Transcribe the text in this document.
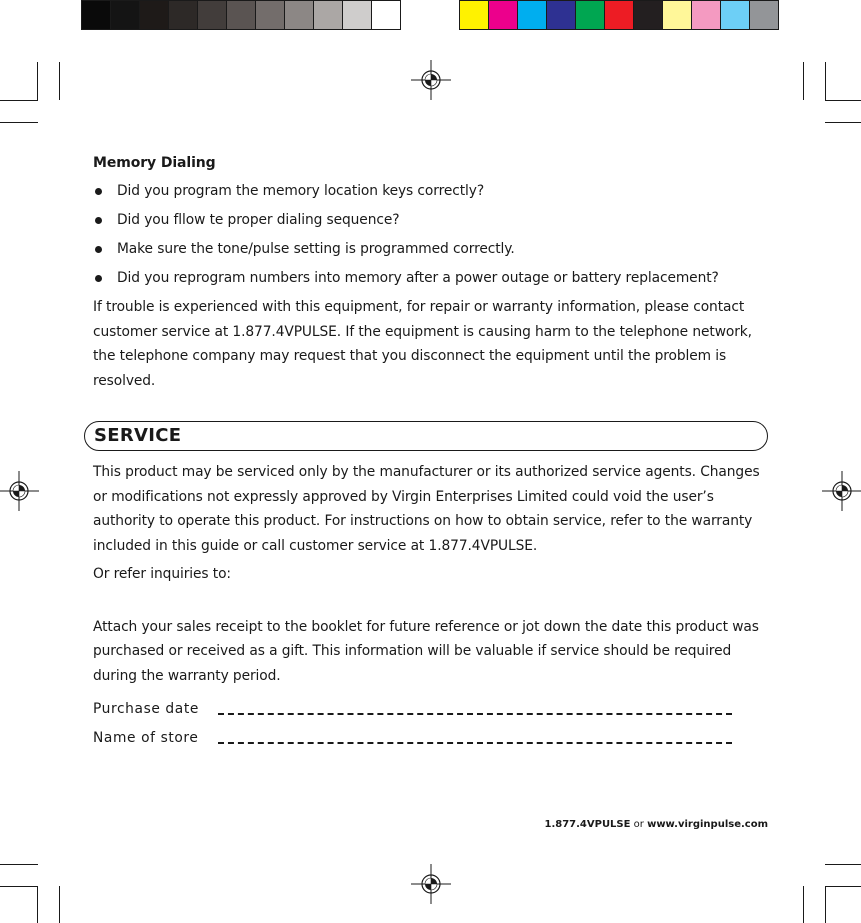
Memory Dialing
Did you program the memory location keys correctly?
Did you fllow te proper dialing sequence?
Make sure the tone/pulse setting is programmed correctly.
Did you reprogram numbers into memory after a power outage or battery replacement?

If trouble is experienced with this equipment, for repair or warranty information, please contact customer service at 1.877.4VPULSE. If the equipment is causing harm to the telephone network, the telephone company may request that you disconnect the equipment until the problem is resolved.

SERVICE

This product may be serviced only by the manufacturer or its authorized service agents. Changes or modifications not expressly approved by Virgin Enterprises Limited could void the user’s authority to operate this product. For instructions on how to obtain service, refer to the warranty included in this guide or call customer service at 1.877.4VPULSE.

Or refer inquiries to:

Attach your sales receipt to the booklet for future reference or jot down the date this product was purchased or received as a gift. This information will be valuable if service should be required during the warranty period.

Purchase date
Name of store
1.877.4VPULSE or www.virginpulse.com
